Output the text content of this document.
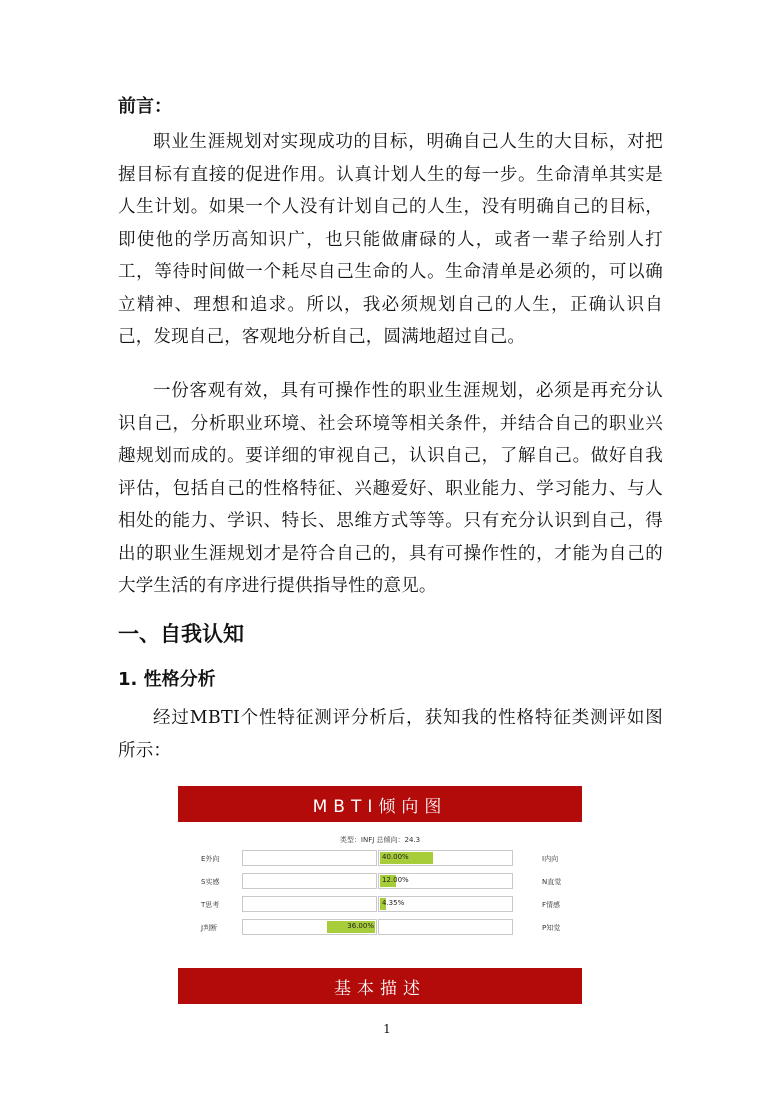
前言：

职业生涯规划对实现成功的目标，明确自己人生的大目标，对把握目标有直接的促进作用。认真计划人生的每一步。生命清单其实是人生计划。如果一个人没有计划自己的人生，没有明确自己的目标，即使他的学历高知识广，也只能做庸碌的人，或者一辈子给别人打工，等待时间做一个耗尽自己生命的人。生命清单是必须的，可以确立精神、理想和追求。所以，我必须规划自己的人生，正确认识自己，发现自己，客观地分析自己，圆满地超过自己。

一份客观有效，具有可操作性的职业生涯规划，必须是再充分认识自己，分析职业环境、社会环境等相关条件，并结合自己的职业兴趣规划而成的。要详细的审视自己，认识自己，了解自己。做好自我评估，包括自己的性格特征、兴趣爱好、职业能力、学习能力、与人相处的能力、学识、特长、思维方式等等。只有充分认识到自己，得出的职业生涯规划才是符合自己的，具有可操作性的，才能为自己的大学生活的有序进行提供指导性的意见。

一、自我认知
1. 性格分析

经过MBTI个性特征测评分析后，获知我的性格特征类测评如图所示：

MBTI倾向图
类型：INFJ 总倾向：24.3
E外向	40.00%	I内向
S实感	12.00%	N直觉
T思考	4.35%	F情感
J判断	36.00%	P知觉
基本描述
1
